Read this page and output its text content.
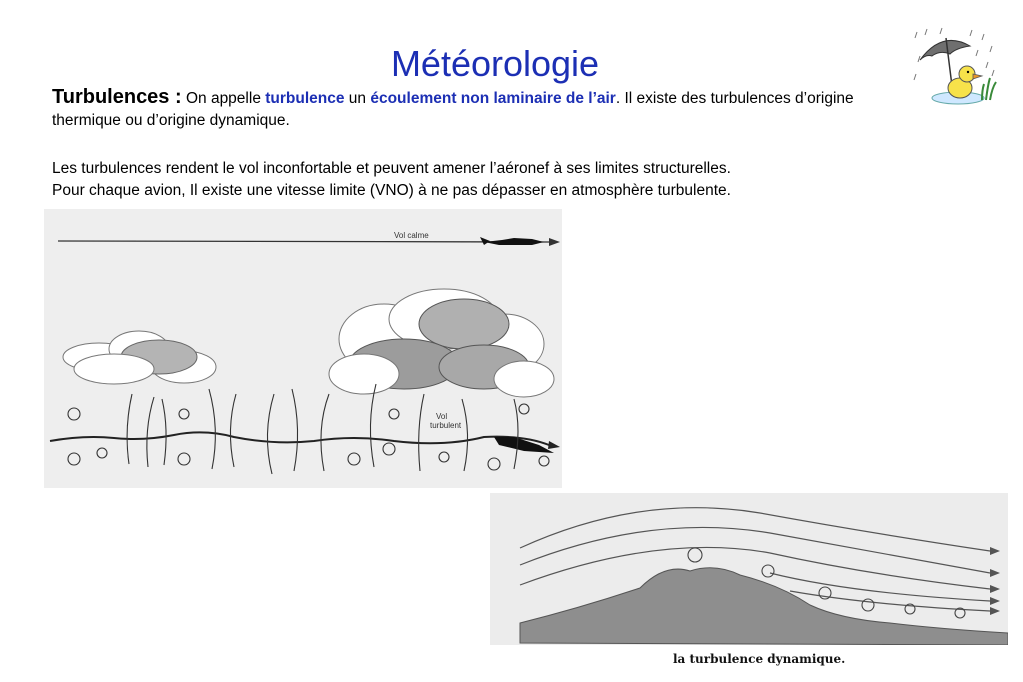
Météorologie
Turbulences : On appelle turbulence un écoulement non laminaire de l’air. Il existe des turbulences d’origine thermique ou d’origine dynamique.
Les turbulences rendent le vol inconfortable et peuvent amener l’aéronef à ses limites structurelles.
Pour chaque avion, Il existe une vitesse limite (VNO) à ne pas dépasser en atmosphère turbulente.
Vol calme
Vol
turbulent
la turbulence dynamique.
